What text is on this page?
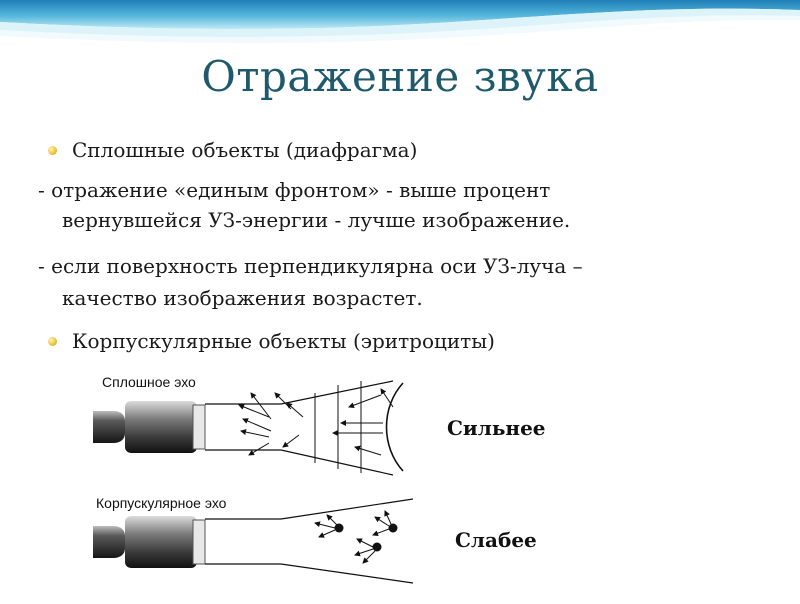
Отражение звука
Сплошные объекты (диафрагма)
- отражение «единым фронтом» - выше процент
вернувшейся УЗ-энергии - лучше изображение.
- если поверхность перпендикулярна оси УЗ-луча –
качество изображения возрастет.
Корпускулярные объекты (эритроциты)
Сплошное эхо
Корпускулярное эхо
Сильнее
Слабее
